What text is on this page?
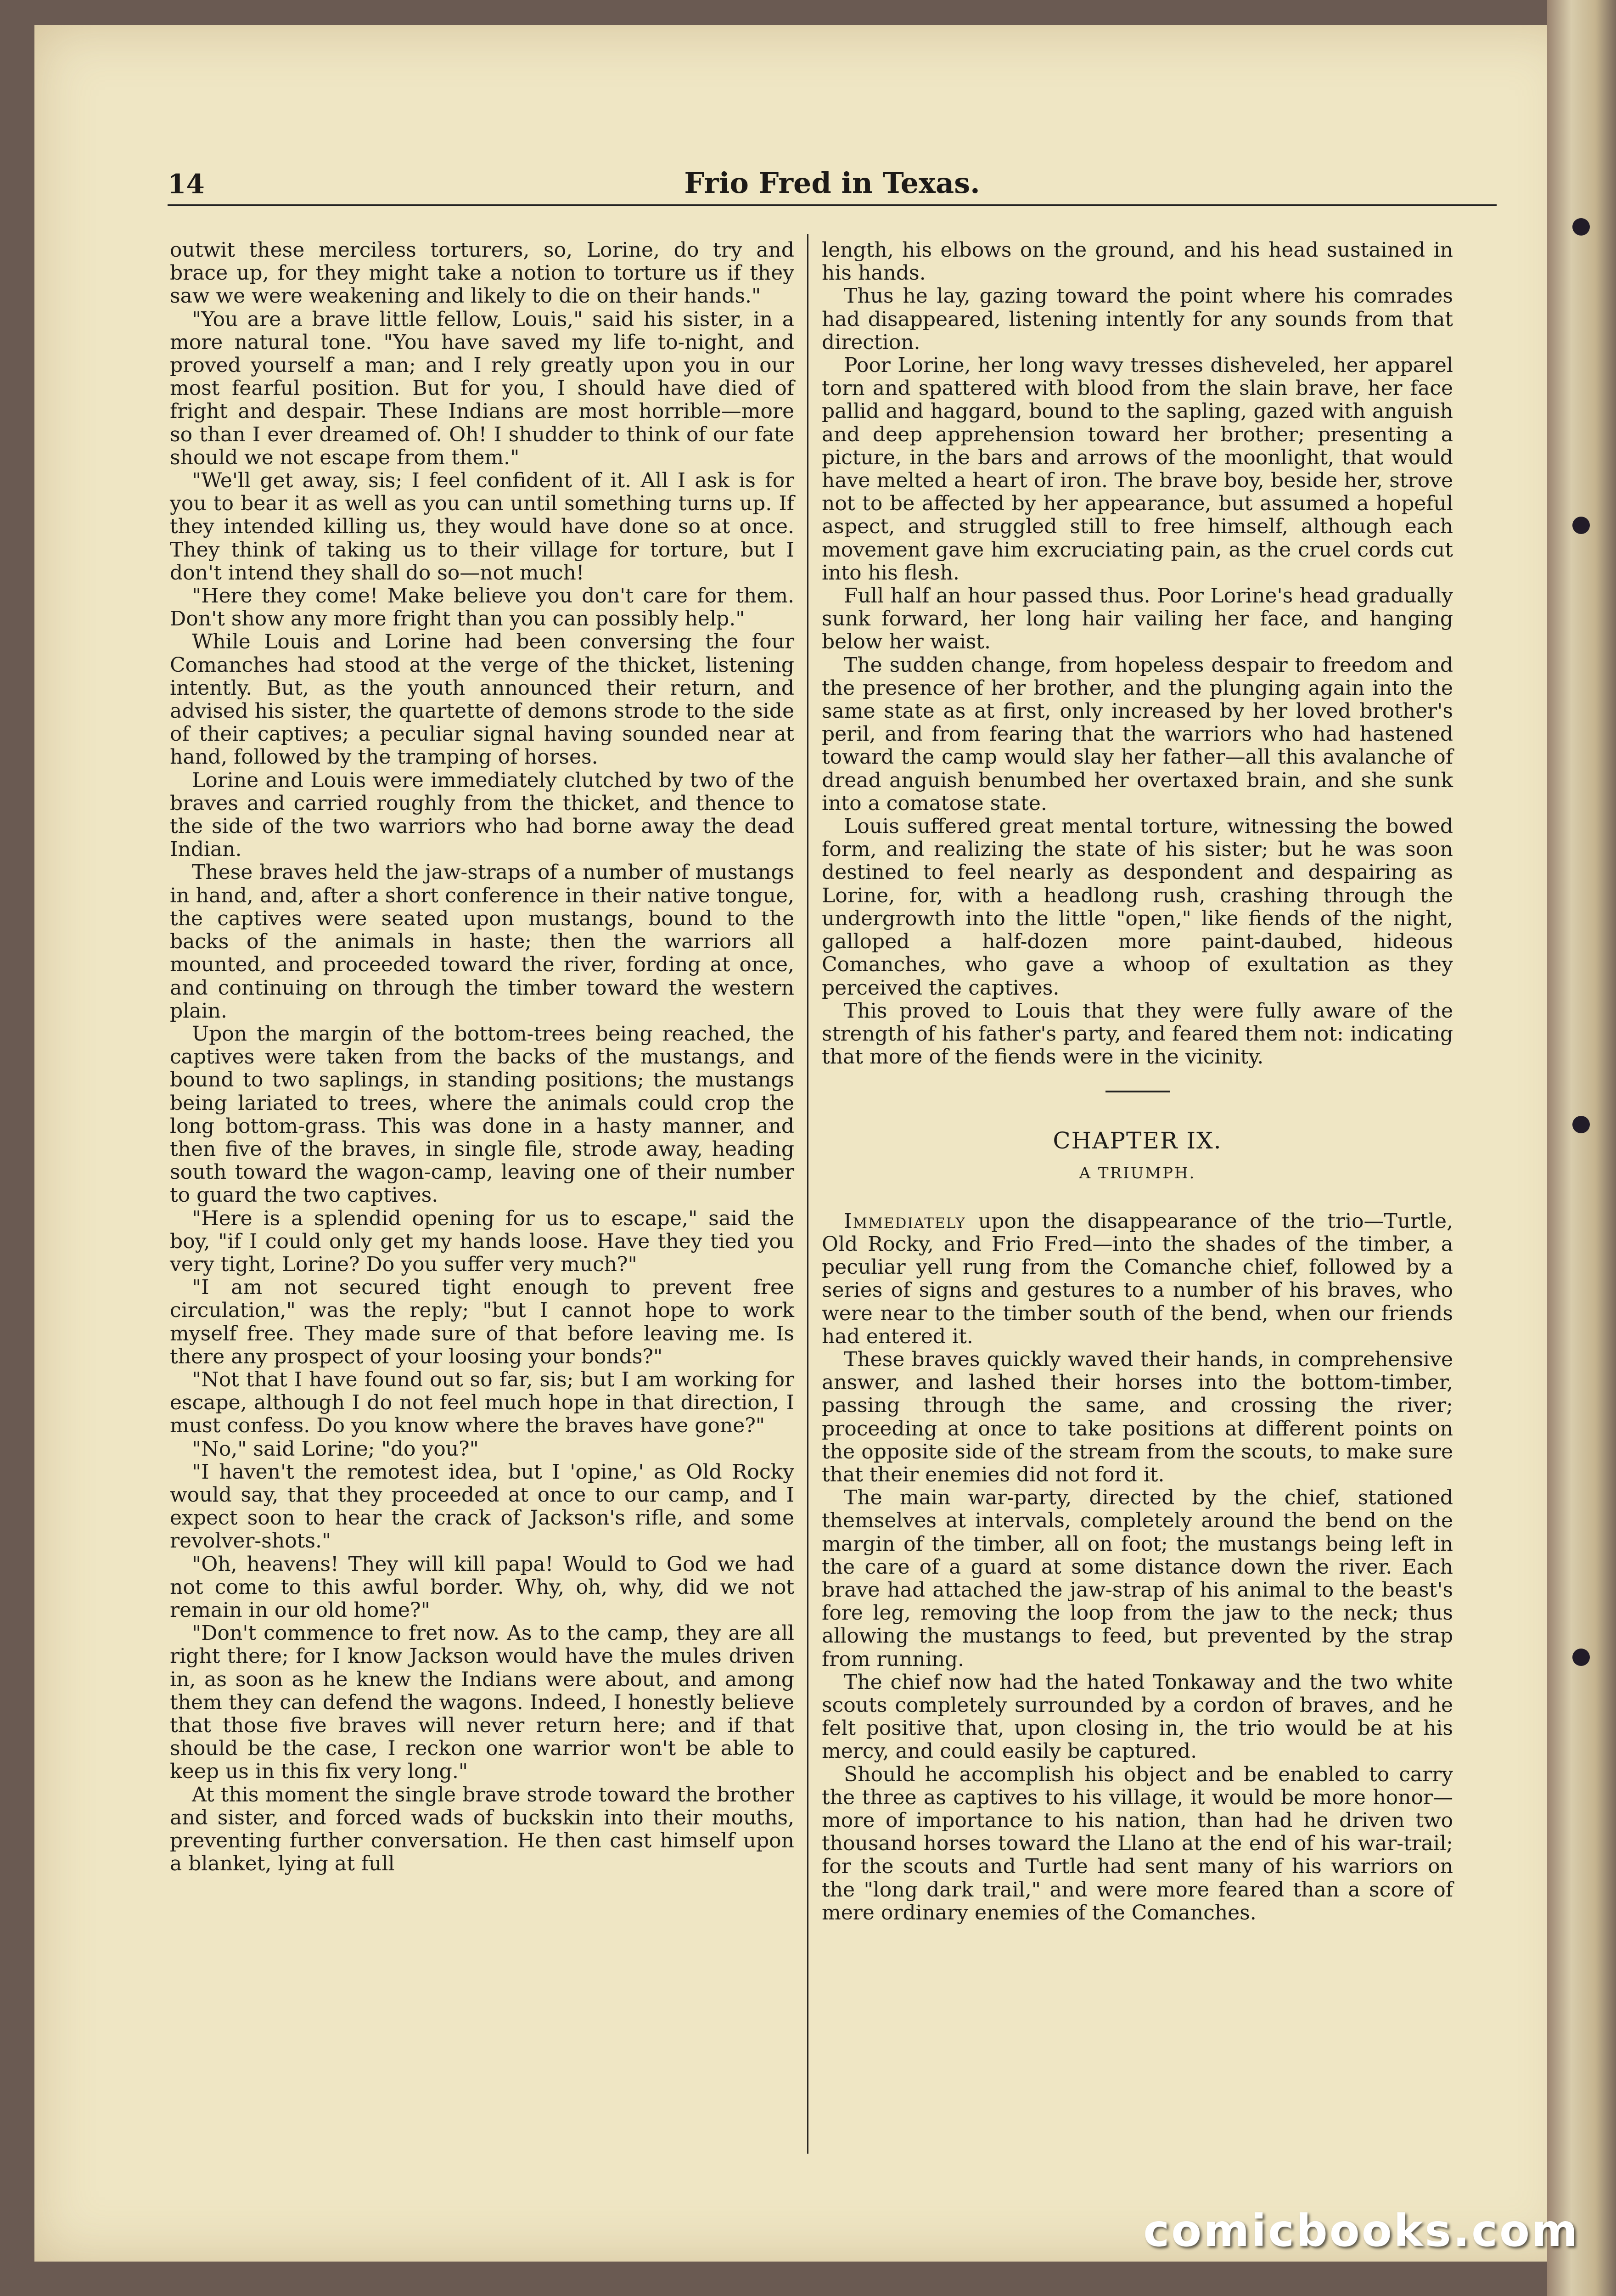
14	Frio Fred in Texas.

outwit these merciless torturers, so, Lorine, do try and brace up, for they might take a notion to torture us if they saw we were weakening and likely to die on their hands."

"You are a brave little fellow, Louis," said his sister, in a more natural tone. "You have saved my life to-night, and proved yourself a man; and I rely greatly upon you in our most fearful position. But for you, I should have died of fright and despair. These Indians are most horrible—more so than I ever dreamed of. Oh! I shudder to think of our fate should we not escape from them."

"We'll get away, sis; I feel confident of it. All I ask is for you to bear it as well as you can until something turns up. If they intended killing us, they would have done so at once. They think of taking us to their village for torture, but I don't intend they shall do so—not much!

"Here they come! Make believe you don't care for them. Don't show any more fright than you can possibly help."

While Louis and Lorine had been conversing the four Comanches had stood at the verge of the thicket, listening intently. But, as the youth announced their return, and advised his sister, the quartette of demons strode to the side of their captives; a peculiar signal having sounded near at hand, followed by the tramping of horses.

Lorine and Louis were immediately clutched by two of the braves and carried roughly from the thicket, and thence to the side of the two warriors who had borne away the dead Indian.

These braves held the jaw-straps of a number of mustangs in hand, and, after a short conference in their native tongue, the captives were seated upon mustangs, bound to the backs of the animals in haste; then the warriors all mounted, and proceeded toward the river, fording at once, and continuing on through the timber toward the western plain.

Upon the margin of the bottom-trees being reached, the captives were taken from the backs of the mustangs, and bound to two saplings, in standing positions; the mustangs being lariated to trees, where the animals could crop the long bottom-grass. This was done in a hasty manner, and then five of the braves, in single file, strode away, heading south toward the wagon-camp, leaving one of their number to guard the two captives.

"Here is a splendid opening for us to escape," said the boy, "if I could only get my hands loose. Have they tied you very tight, Lorine? Do you suffer very much?"

"I am not secured tight enough to prevent free circulation," was the reply; "but I cannot hope to work myself free. They made sure of that before leaving me. Is there any prospect of your loosing your bonds?"

"Not that I have found out so far, sis; but I am working for escape, although I do not feel much hope in that direction, I must confess. Do you know where the braves have gone?"

"No," said Lorine; "do you?"

"I haven't the remotest idea, but I 'opine,' as Old Rocky would say, that they proceeded at once to our camp, and I expect soon to hear the crack of Jackson's rifle, and some revolver-shots."

"Oh, heavens! They will kill papa! Would to God we had not come to this awful border. Why, oh, why, did we not remain in our old home?"

"Don't commence to fret now. As to the camp, they are all right there; for I know Jackson would have the mules driven in, as soon as he knew the Indians were about, and among them they can defend the wagons. Indeed, I honestly believe that those five braves will never return here; and if that should be the case, I reckon one warrior won't be able to keep us in this fix very long."

At this moment the single brave strode toward the brother and sister, and forced wads of buckskin into their mouths, preventing further conversation. He then cast himself upon a blanket, lying at full

length, his elbows on the ground, and his head sustained in his hands.

Thus he lay, gazing toward the point where his comrades had disappeared, listening intently for any sounds from that direction.

Poor Lorine, her long wavy tresses disheveled, her apparel torn and spattered with blood from the slain brave, her face pallid and haggard, bound to the sapling, gazed with anguish and deep apprehension toward her brother; presenting a picture, in the bars and arrows of the moonlight, that would have melted a heart of iron. The brave boy, beside her, strove not to be affected by her appearance, but assumed a hopeful aspect, and struggled still to free himself, although each movement gave him excruciating pain, as the cruel cords cut into his flesh.

Full half an hour passed thus. Poor Lorine's head gradually sunk forward, her long hair vailing her face, and hanging below her waist.

The sudden change, from hopeless despair to freedom and the presence of her brother, and the plunging again into the same state as at first, only increased by her loved brother's peril, and from fearing that the warriors who had hastened toward the camp would slay her father—all this avalanche of dread anguish benumbed her overtaxed brain, and she sunk into a comatose state.

Louis suffered great mental torture, witnessing the bowed form, and realizing the state of his sister; but he was soon destined to feel nearly as despondent and despairing as Lorine, for, with a headlong rush, crashing through the undergrowth into the little "open," like fiends of the night, galloped a half-dozen more paint-daubed, hideous Comanches, who gave a whoop of exultation as they perceived the captives.

This proved to Louis that they were fully aware of the strength of his father's party, and feared them not: indicating that more of the fiends were in the vicinity.

CHAPTER IX.
A TRIUMPH.

Immediately upon the disappearance of the trio—Turtle, Old Rocky, and Frio Fred—into the shades of the timber, a peculiar yell rung from the Comanche chief, followed by a series of signs and gestures to a number of his braves, who were near to the timber south of the bend, when our friends had entered it.

These braves quickly waved their hands, in comprehensive answer, and lashed their horses into the bottom-timber, passing through the same, and crossing the river; proceeding at once to take positions at different points on the opposite side of the stream from the scouts, to make sure that their enemies did not ford it.

The main war-party, directed by the chief, stationed themselves at intervals, completely around the bend on the margin of the timber, all on foot; the mustangs being left in the care of a guard at some distance down the river. Each brave had attached the jaw-strap of his animal to the beast's fore leg, removing the loop from the jaw to the neck; thus allowing the mustangs to feed, but prevented by the strap from running.

The chief now had the hated Tonkaway and the two white scouts completely surrounded by a cordon of braves, and he felt positive that, upon closing in, the trio would be at his mercy, and could easily be captured.

Should he accomplish his object and be enabled to carry the three as captives to his village, it would be more honor—more of importance to his nation, than had he driven two thousand horses toward the Llano at the end of his war-trail; for the scouts and Turtle had sent many of his warriors on the "long dark trail," and were more feared than a score of mere ordinary enemies of the Comanches.

comicbooks.com
